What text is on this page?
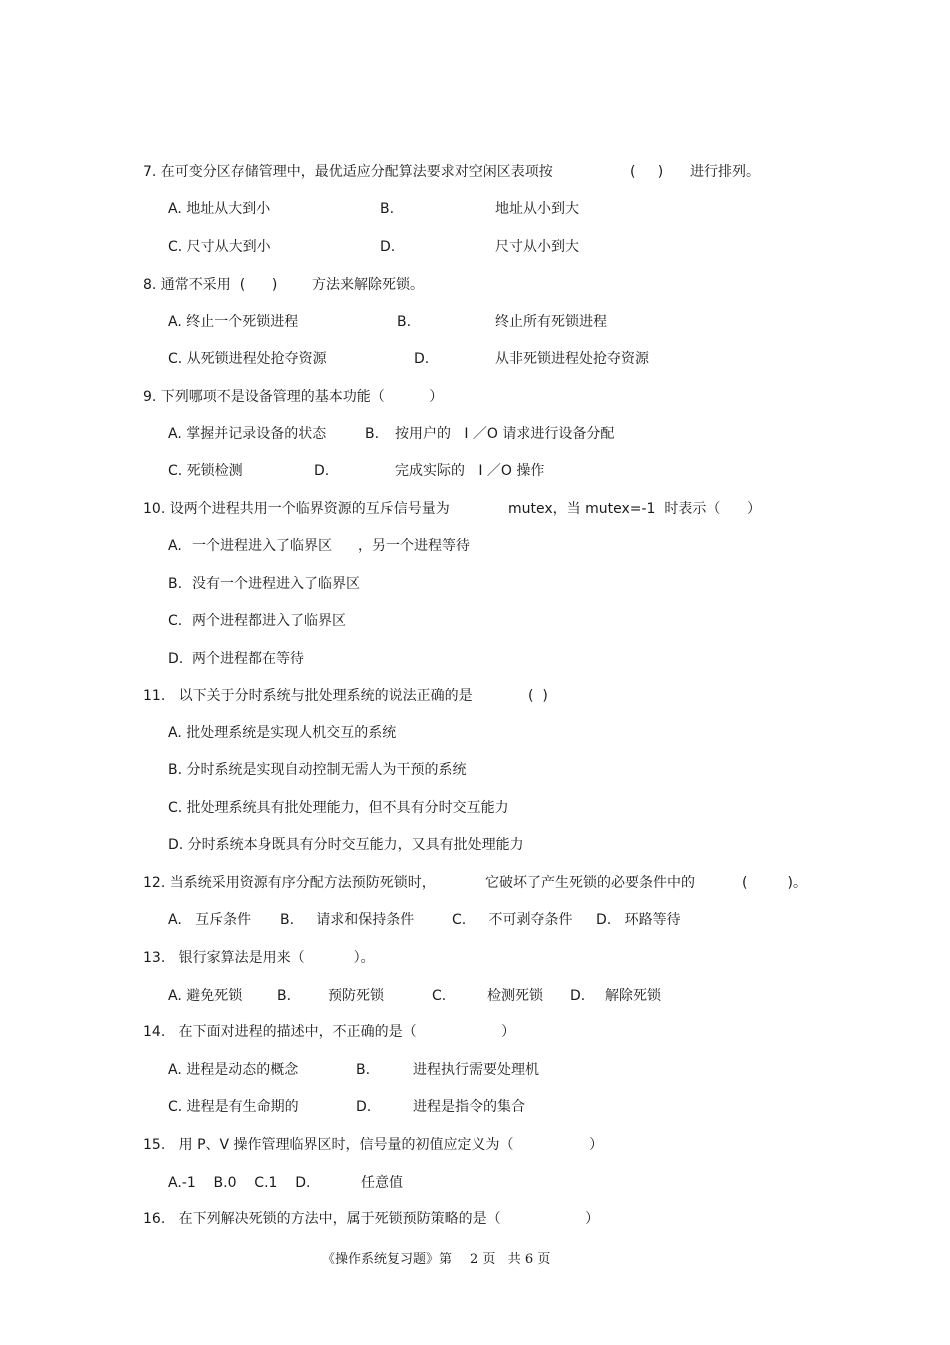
7. 在可变分区存储管理中，最优适应分配算法要求对空闲区表项按	(     ) 进行排列。
A. 地址从大到小	B.	地址从小到大
C. 尺寸从大到小	D.	尺寸从小到大
8. 通常不采用  (      ) 方法来解除死锁。
A. 终止一个死锁进程	B.	终止所有死锁进程
C. 从死锁进程处抢夺资源	D.	从非死锁进程处抢夺资源
9. 下列哪项不是设备管理的基本功能（          ）
A. 掌握并记录设备的状态	B. 按用户的   I ／O 请求进行设备分配
C. 死锁检测	D.	完成实际的   I ／O 操作
10. 设两个进程共用一个临界资源的互斥信号量为	mutex，当 mutex=-1  时表示（      ）
A. 一个进程进入了临界区 ，另一个进程等待
B. 没有一个进程进入了临界区
C. 两个进程都进入了临界区
D. 两个进程都在等待
11.   以下关于分时系统与批处理系统的说法正确的是	(  )
A. 批处理系统是实现人机交互的系统
B. 分时系统是实现自动控制无需人为干预的系统
C. 批处理系统具有批处理能力，但不具有分时交互能力
D. 分时系统本身既具有分时交互能力，又具有批处理能力
12. 当系统采用资源有序分配方法预防死锁时，	它破坏了产生死锁的必要条件中的	(         )。
A.   互斥条件 B.     请求和保持条件	C.     不可剥夺条件 D.   环路等待
13.   银行家算法是用来（           ）。
A. 避免死锁 B.	预防死锁	C.	检测死锁 D. 解除死锁
14.   在下面对进程的描述中，不正确的是（                   ）
A. 进程是动态的概念	B.	进程执行需要处理机
C. 进程是有生命期的	D.	进程是指令的集合
15.   用 P、V 操作管理临界区时，信号量的初值应定义为（                 ）
A.-1    B.0    C.1    D.	任意值
16.   在下列解决死锁的方法中，属于死锁预防策略的是（                   ）
《操作系统复习题》第 2 页   共 6 页
